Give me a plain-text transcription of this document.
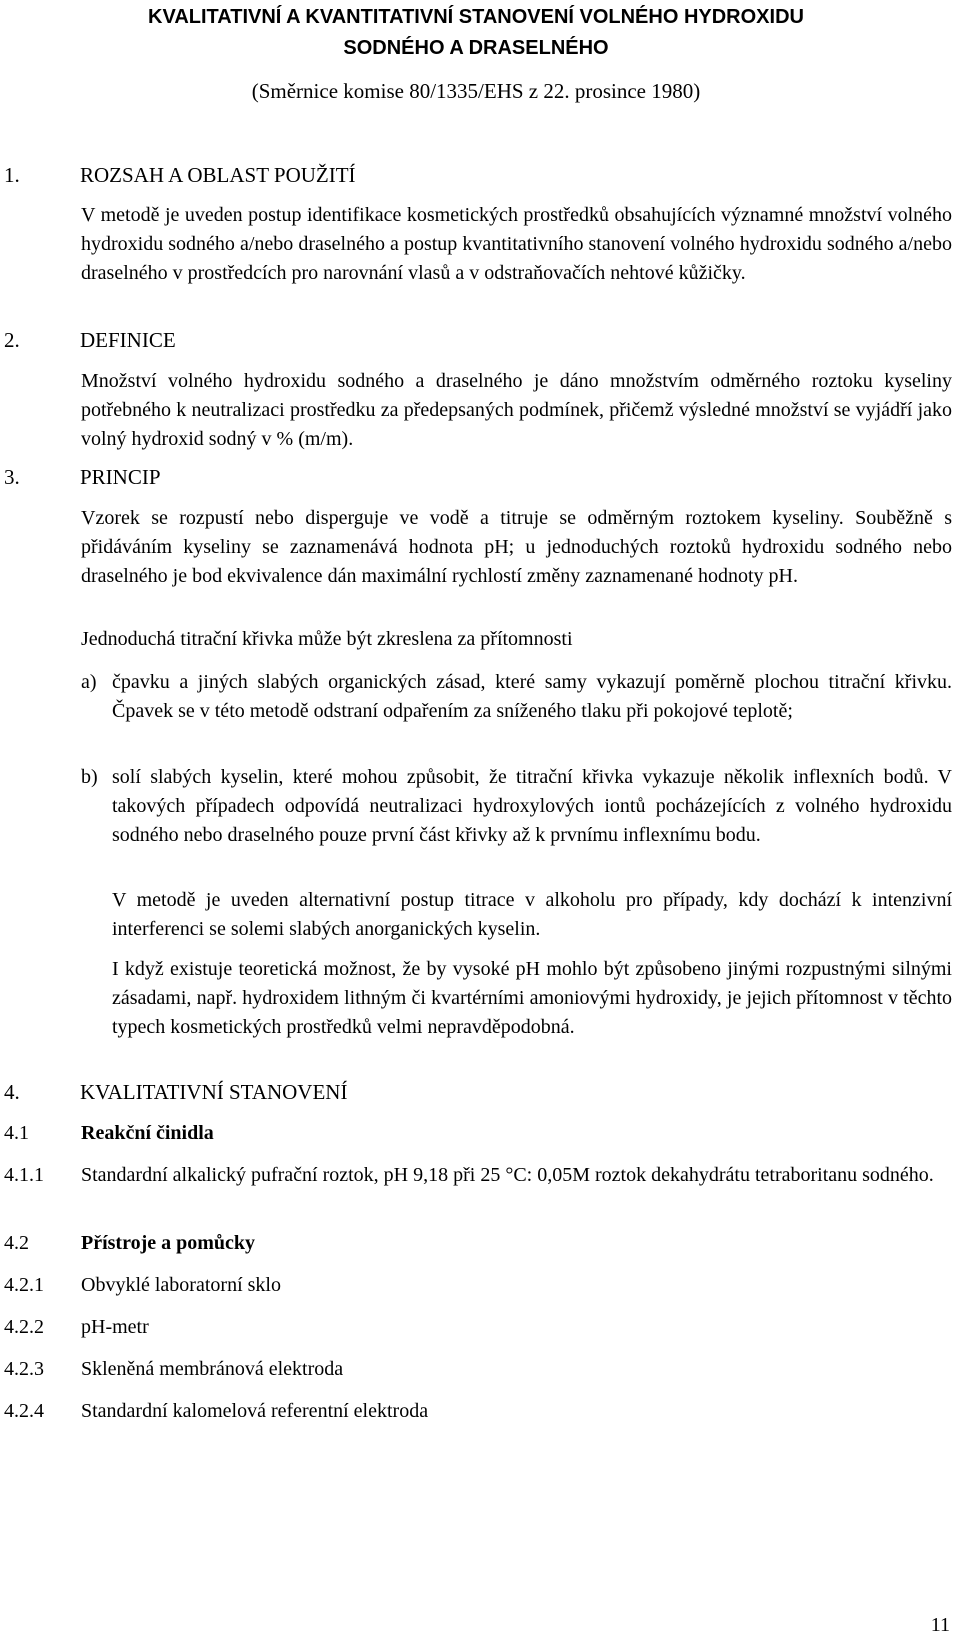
KVALITATIVNÍ A KVANTITATIVNÍ STANOVENÍ VOLNÉHO HYDROXIDU
SODNÉHO A DRASELNÉHO
(Směrnice komise 80/1335/EHS z 22. prosince 1980)
1.	ROZSAH A OBLAST POUŽITÍ
V metodě je uveden postup identifikace kosmetických prostředků obsahujících významné množství volného hydroxidu sodného a/nebo draselného a postup kvantitativního stanovení volného hydroxidu sodného a/nebo draselného v prostředcích pro narovnání vlasů a v odstraňovačích nehtové kůžičky.
2.	DEFINICE
Množství volného hydroxidu sodného a draselného je dáno množstvím odměrného roztoku kyseliny potřebného k neutralizaci prostředku za předepsaných podmínek, přičemž výsledné množství se vyjádří jako volný hydroxid sodný v % (m/m).
3.	PRINCIP
Vzorek se rozpustí nebo disperguje ve vodě a titruje se odměrným roztokem kyseliny. Souběžně s přidáváním kyseliny se zaznamenává hodnota pH; u jednoduchých roztoků hydroxidu sodného nebo draselného je bod ekvivalence dán maximální rychlostí změny zaznamenané hodnoty pH.
Jednoduchá titrační křivka může být zkreslena za přítomnosti
a) čpavku a jiných slabých organických zásad, které samy vykazují poměrně plochou titrační křivku. Čpavek se v této metodě odstraní odpařením za sníženého tlaku při pokojové teplotě;
b) solí slabých kyselin, které mohou způsobit, že titrační křivka vykazuje několik inflexních bodů. V takových případech odpovídá neutralizaci hydroxylových iontů pocházejících z volného hydroxidu sodného nebo draselného pouze první část křivky až k prvnímu inflexnímu bodu.
V metodě je uveden alternativní postup titrace v alkoholu pro případy, kdy dochází k intenzivní interferenci se solemi slabých anorganických kyselin.
I když existuje teoretická možnost, že by vysoké pH mohlo být způsobeno jinými rozpustnými silnými zásadami, např. hydroxidem lithným či kvartérními amoniovými hydroxidy, je jejich přítomnost v těchto typech kosmetických prostředků velmi nepravděpodobná.
4.	KVALITATIVNÍ STANOVENÍ
4.1	Reakční činidla
4.1.1 Standardní alkalický pufrační roztok, pH 9,18 při 25 °C: 0,05M roztok dekahydrátu tetraboritanu sodného.
4.2	Přístroje a pomůcky
4.2.1 Obvyklé laboratorní sklo
4.2.2 pH-metr
4.2.3 Skleněná membránová elektroda
4.2.4 Standardní kalomelová referentní elektroda
11
